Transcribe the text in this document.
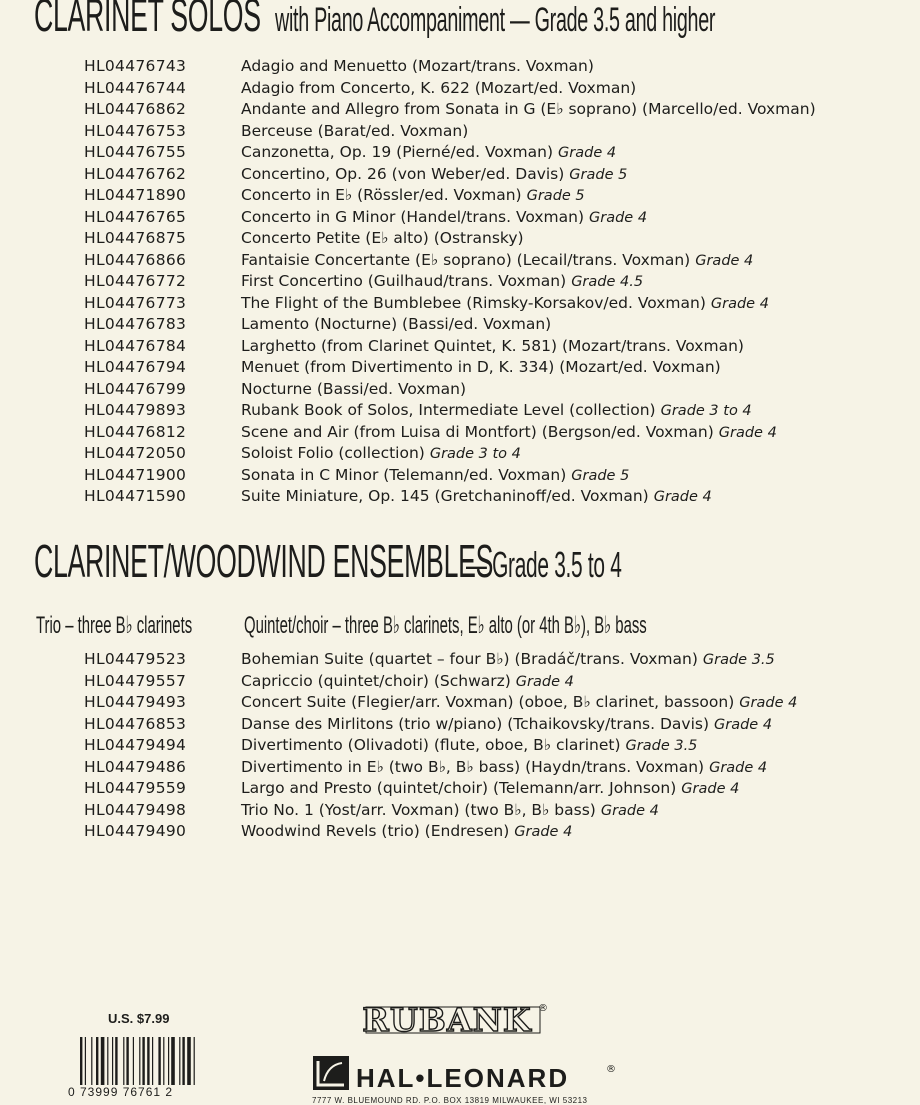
CLARINET SOLOS with Piano Accompaniment — Grade 3.5 and higher
HL04476743	Adagio and Menuetto (Mozart/trans. Voxman)
HL04476744	Adagio from Concerto, K. 622 (Mozart/ed. Voxman)
HL04476862	Andante and Allegro from Sonata in G (E♭ soprano) (Marcello/ed. Voxman)
HL04476753	Berceuse (Barat/ed. Voxman)
HL04476755	Canzonetta, Op. 19 (Pierné/ed. Voxman) Grade 4
HL04476762	Concertino, Op. 26 (von Weber/ed. Davis) Grade 5
HL04471890	Concerto in E♭ (Rössler/ed. Voxman) Grade 5
HL04476765	Concerto in G Minor (Handel/trans. Voxman) Grade 4
HL04476875	Concerto Petite (E♭ alto) (Ostransky)
HL04476866	Fantaisie Concertante (E♭ soprano) (Lecail/trans. Voxman) Grade 4
HL04476772	First Concertino (Guilhaud/trans. Voxman) Grade 4.5
HL04476773	The Flight of the Bumblebee (Rimsky-Korsakov/ed. Voxman) Grade 4
HL04476783	Lamento (Nocturne) (Bassi/ed. Voxman)
HL04476784	Larghetto (from Clarinet Quintet, K. 581) (Mozart/trans. Voxman)
HL04476794	Menuet (from Divertimento in D, K. 334) (Mozart/ed. Voxman)
HL04476799	Nocturne (Bassi/ed. Voxman)
HL04479893	Rubank Book of Solos, Intermediate Level (collection) Grade 3 to 4
HL04476812	Scene and Air (from Luisa di Montfort) (Bergson/ed. Voxman) Grade 4
HL04472050	Soloist Folio (collection) Grade 3 to 4
HL04471900	Sonata in C Minor (Telemann/ed. Voxman) Grade 5
HL04471590	Suite Miniature, Op. 145 (Gretchaninoff/ed. Voxman) Grade 4
CLARINET/WOODWIND ENSEMBLES — Grade 3.5 to 4
Trio – three B♭ clarinets Quintet/choir – three B♭ clarinets, E♭ alto (or 4th B♭), B♭ bass
HL04479523	Bohemian Suite (quartet – four B♭) (Bradáč/trans. Voxman) Grade 3.5
HL04479557	Capriccio (quintet/choir) (Schwarz) Grade 4
HL04479493	Concert Suite (Flegier/arr. Voxman) (oboe, B♭ clarinet, bassoon) Grade 4
HL04476853	Danse des Mirlitons (trio w/piano) (Tchaikovsky/trans. Davis) Grade 4
HL04479494	Divertimento (Olivadoti) (flute, oboe, B♭ clarinet) Grade 3.5
HL04479486	Divertimento in E♭ (two B♭, B♭ bass) (Haydn/trans. Voxman) Grade 4
HL04479559	Largo and Presto (quintet/choir) (Telemann/arr. Johnson) Grade 4
HL04479498	Trio No. 1 (Yost/arr. Voxman) (two B♭, B♭ bass) Grade 4
HL04479490	Woodwind Revels (trio) (Endresen) Grade 4
U.S. $7.99
0 73999 76761 2
RUBANK ®
HAL•LEONARD	®
7777 W. BLUEMOUND RD. P.O. BOX 13819 MILWAUKEE, WI 53213
